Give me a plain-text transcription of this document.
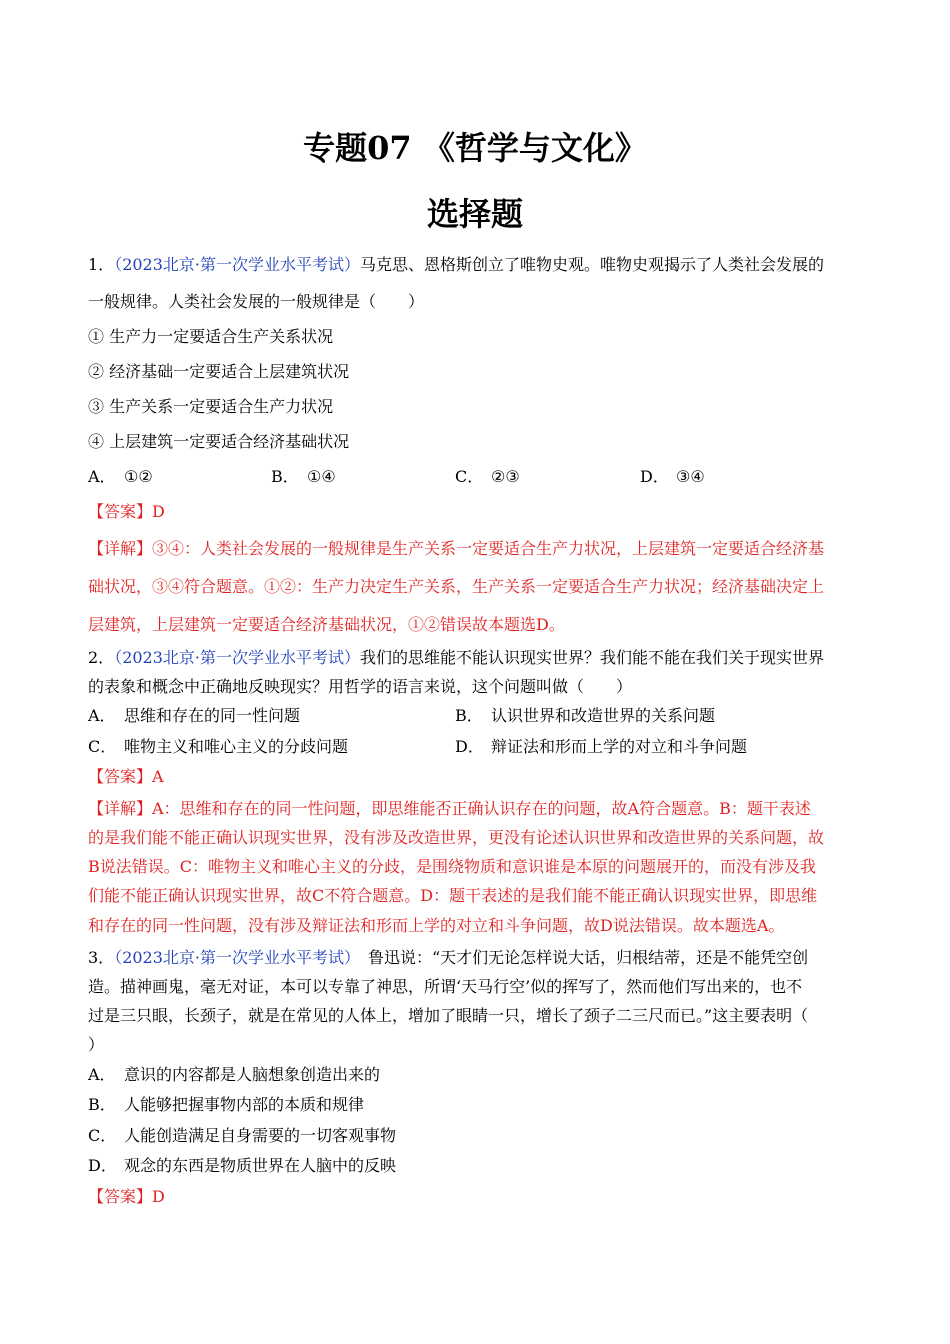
专题07 《哲学与文化》
选择题
1．（2023北京·第一次学业水平考试）马克思、恩格斯创立了唯物史观。唯物史观揭示了人类社会发展的
一般规律。人类社会发展的一般规律是（　　）
① 生产力一定要适合生产关系状况
② 经济基础一定要适合上层建筑状况
③ 生产关系一定要适合生产力状况
④ 上层建筑一定要适合经济基础状况
A． ①②	B． ①④	C． ②③	D． ③④
【答案】D
【详解】③④：人类社会发展的一般规律是生产关系一定要适合生产力状况，上层建筑一定要适合经济基
础状况，③④符合题意。①②：生产力决定生产关系，生产关系一定要适合生产力状况；经济基础决定上
层建筑，上层建筑一定要适合经济基础状况，①②错误故本题选D。
2．（2023北京·第一次学业水平考试）我们的思维能不能认识现实世界？我们能不能在我们关于现实世界
的表象和概念中正确地反映现实？用哲学的语言来说，这个问题叫做（　　）
A． 思维和存在的同一性问题	B． 认识世界和改造世界的关系问题
C． 唯物主义和唯心主义的分歧问题	D． 辩证法和形而上学的对立和斗争问题
【答案】A
【详解】A：思维和存在的同一性问题，即思维能否正确认识存在的问题，故A符合题意。B：题干表述
的是我们能不能正确认识现实世界，没有涉及改造世界，更没有论述认识世界和改造世界的关系问题，故
B说法错误。C：唯物主义和唯心主义的分歧，是围绕物质和意识谁是本原的问题展开的，而没有涉及我
们能不能正确认识现实世界，故C不符合题意。D：题干表述的是我们能不能正确认识现实世界，即思维
和存在的同一性问题，没有涉及辩证法和形而上学的对立和斗争问题，故D说法错误。故本题选A。
3．（2023北京·第一次学业水平考试）　鲁迅说：“天才们无论怎样说大话，归根结蒂，还是不能凭空创
造。描神画鬼，毫无对证，本可以专靠了神思，所谓‘天马行空’似的挥写了，然而他们写出来的，也不
过是三只眼，长颈子，就是在常见的人体上，增加了眼睛一只，增长了颈子二三尺而已。”这主要表明（
）
A． 意识的内容都是人脑想象创造出来的
B． 人能够把握事物内部的本质和规律
C． 人能创造满足自身需要的一切客观事物
D． 观念的东西是物质世界在人脑中的反映
【答案】D
